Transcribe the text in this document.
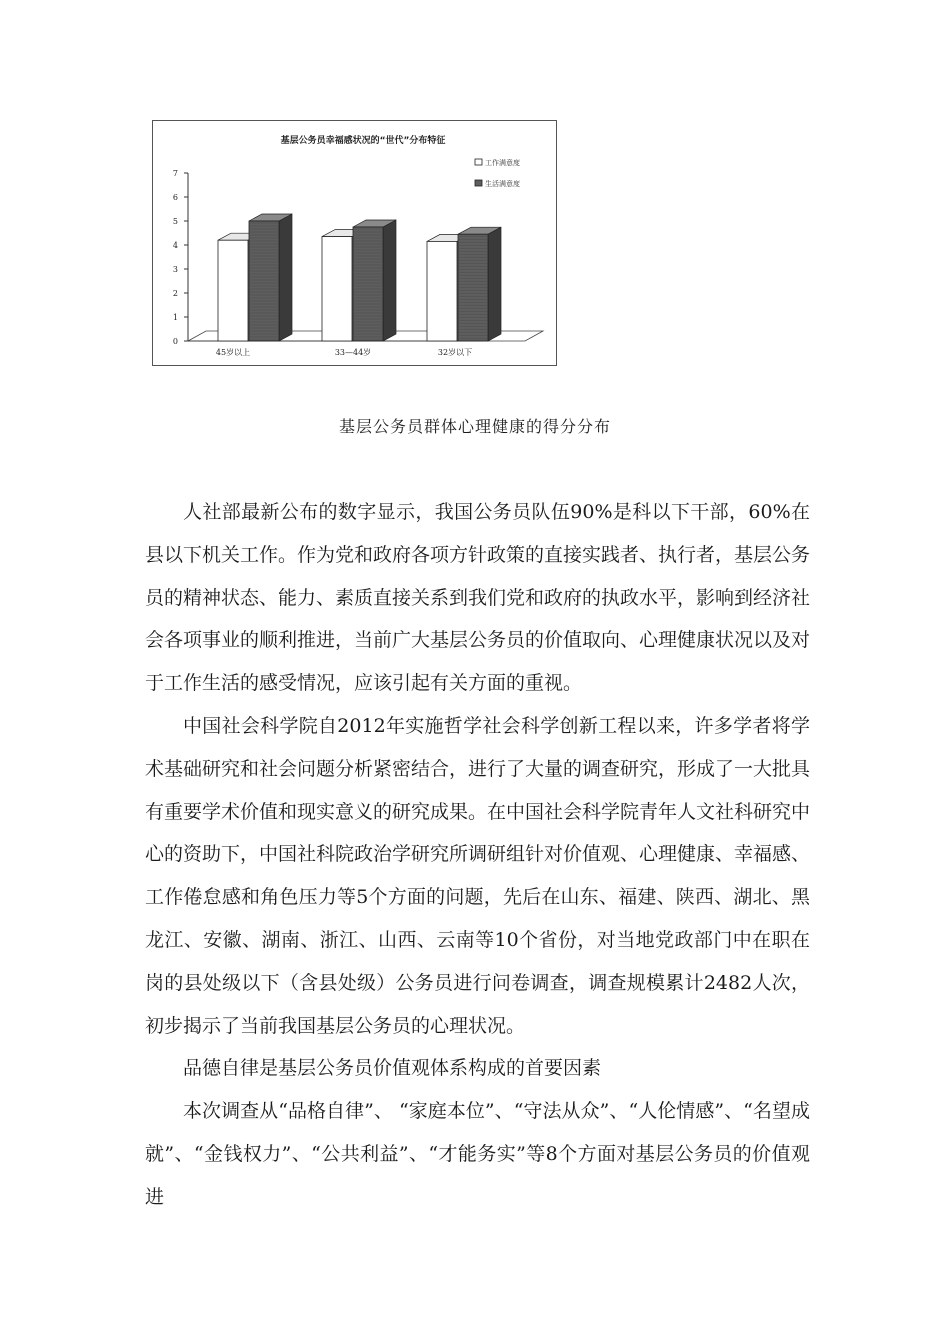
基层公务员幸福感状况的“世代”分布特征
0
1
2
3
4
5
6
7
45岁以上	33—44岁	32岁以下
工作满意度
生活满意度
基层公务员群体心理健康的得分分布

人社部最新公布的数字显示，我国公务员队伍90%是科以下干部，60%在县以下机关工作。作为党和政府各项方针政策的直接实践者、执行者，基层公务员的精神状态、能力、素质直接关系到我们党和政府的执政水平，影响到经济社会各项事业的顺利推进，当前广大基层公务员的价值取向、心理健康状况以及对于工作生活的感受情况，应该引起有关方面的重视。

中国社会科学院自2012年实施哲学社会科学创新工程以来，许多学者将学术基础研究和社会问题分析紧密结合，进行了大量的调查研究，形成了一大批具有重要学术价值和现实意义的研究成果。在中国社会科学院青年人文社科研究中心的资助下，中国社科院政治学研究所调研组针对价值观、心理健康、幸福感、工作倦怠感和角色压力等5个方面的问题，先后在山东、福建、陕西、湖北、黑龙江、安徽、湖南、浙江、山西、云南等10个省份，对当地党政部门中在职在岗的县处级以下（含县处级）公务员进行问卷调查，调查规模累计2482人次，初步揭示了当前我国基层公务员的心理状况。

品德自律是基层公务员价值观体系构成的首要因素

本次调查从“品格自律”、 “家庭本位”、“守法从众”、“人伦情感”、“名望成就”、“金钱权力”、“公共利益”、“才能务实”等8个方面对基层公务员的价值观进
